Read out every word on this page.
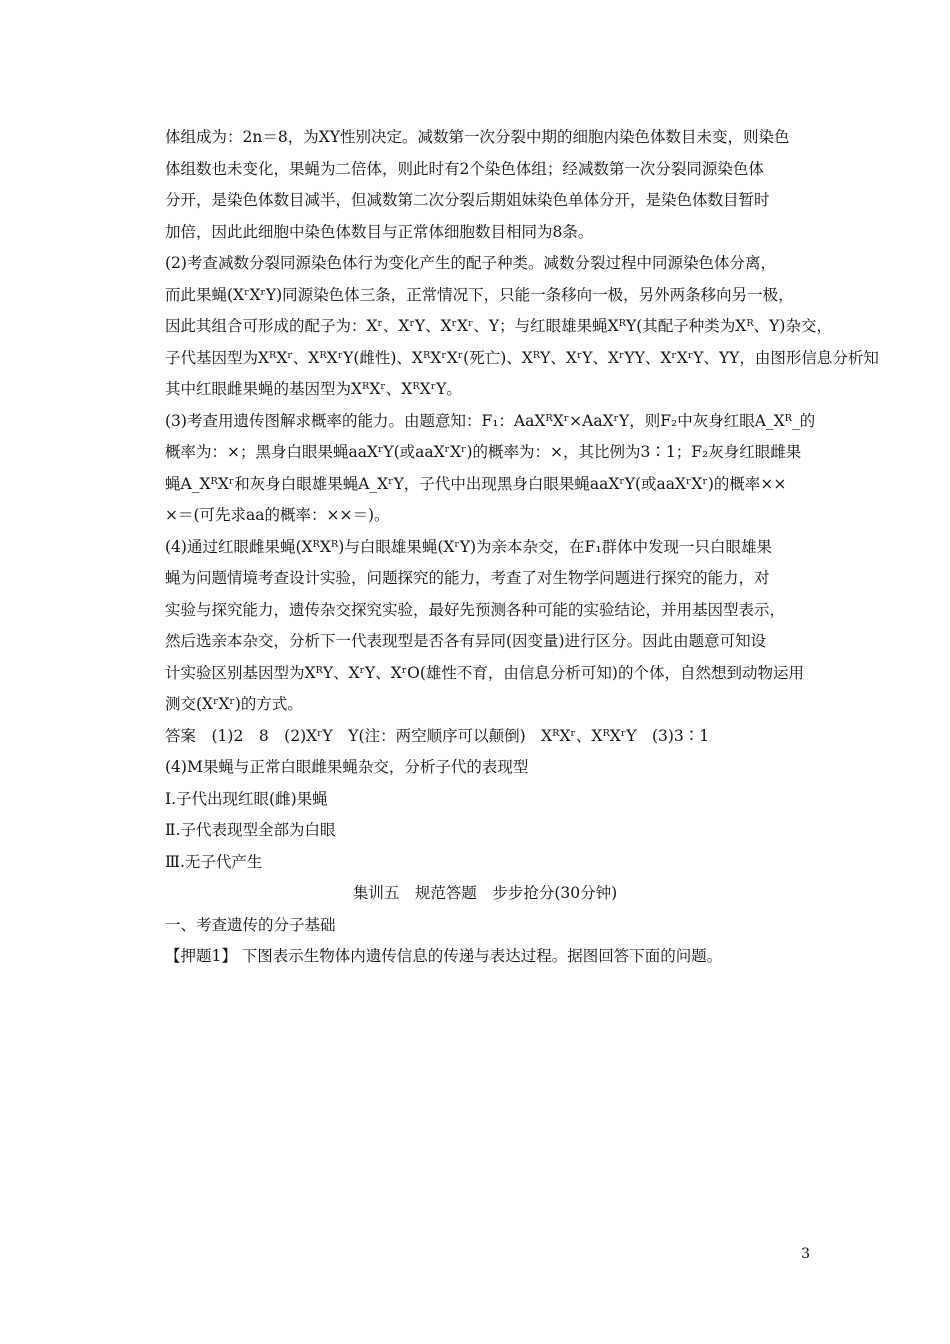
体组成为：2n＝8，为XY性别决定。减数第一次分裂中期的细胞内染色体数目未变，则染色
体组数也未变化，果蝇为二倍体，则此时有2个染色体组；经减数第一次分裂同源染色体
分开，是染色体数目减半，但减数第二次分裂后期姐妹染色单体分开，是染色体数目暂时
加倍，因此此细胞中染色体数目与正常体细胞数目相同为8条。
(2)考查减数分裂同源染色体行为变化产生的配子种类。减数分裂过程中同源染色体分离，
而此果蝇(XʳXʳY)同源染色体三条，正常情况下，只能一条移向一极，另外两条移向另一极，
因此其组合可形成的配子为：Xʳ、XʳY、XʳXʳ、Y；与红眼雄果蝇XᴿY(其配子种类为Xᴿ、Y)杂交，
子代基因型为XᴿXʳ、XᴿXʳY(雌性)、XᴿXʳXʳ(死亡)、XᴿY、XʳY、XʳYY、XʳXʳY、YY，由图形信息分析知
其中红眼雌果蝇的基因型为XᴿXʳ、XᴿXʳY。
(3)考查用遗传图解求概率的能力。由题意知：F₁：AaXᴿXʳ×AaXʳY，则F₂中灰身红眼A_Xᴿ_的
概率为：×；黑身白眼果蝇aaXʳY(或aaXʳXʳ)的概率为：×，其比例为3∶1；F₂灰身红眼雌果
蝇A_XᴿXʳ和灰身白眼雄果蝇A_XʳY，子代中出现黑身白眼果蝇aaXʳY(或aaXʳXʳ)的概率××
×＝(可先求aa的概率：××＝)。
(4)通过红眼雌果蝇(XᴿXᴿ)与白眼雄果蝇(XʳY)为亲本杂交，在F₁群体中发现一只白眼雄果
蝇为问题情境考查设计实验，问题探究的能力，考查了对生物学问题进行探究的能力，对
实验与探究能力，遗传杂交探究实验，最好先预测各种可能的实验结论，并用基因型表示，
然后选亲本杂交，分析下一代表现型是否各有异同(因变量)进行区分。因此由题意可知设
计实验区别基因型为XᴿY、XʳY、XʳO(雄性不育，由信息分析可知)的个体，自然想到动物运用
测交(XʳXʳ)的方式。
答案　(1)2　8　(2)XʳY　Y(注：两空顺序可以颠倒)　XᴿXʳ、XᴿXʳY　(3)3∶1
(4)M果蝇与正常白眼雌果蝇杂交，分析子代的表现型
Ⅰ.子代出现红眼(雌)果蝇
Ⅱ.子代表现型全部为白眼
Ⅲ.无子代产生
集训五　规范答题　步步抢分(30分钟)
一、考查遗传的分子基础
【押题1】 下图表示生物体内遗传信息的传递与表达过程。据图回答下面的问题。
3
